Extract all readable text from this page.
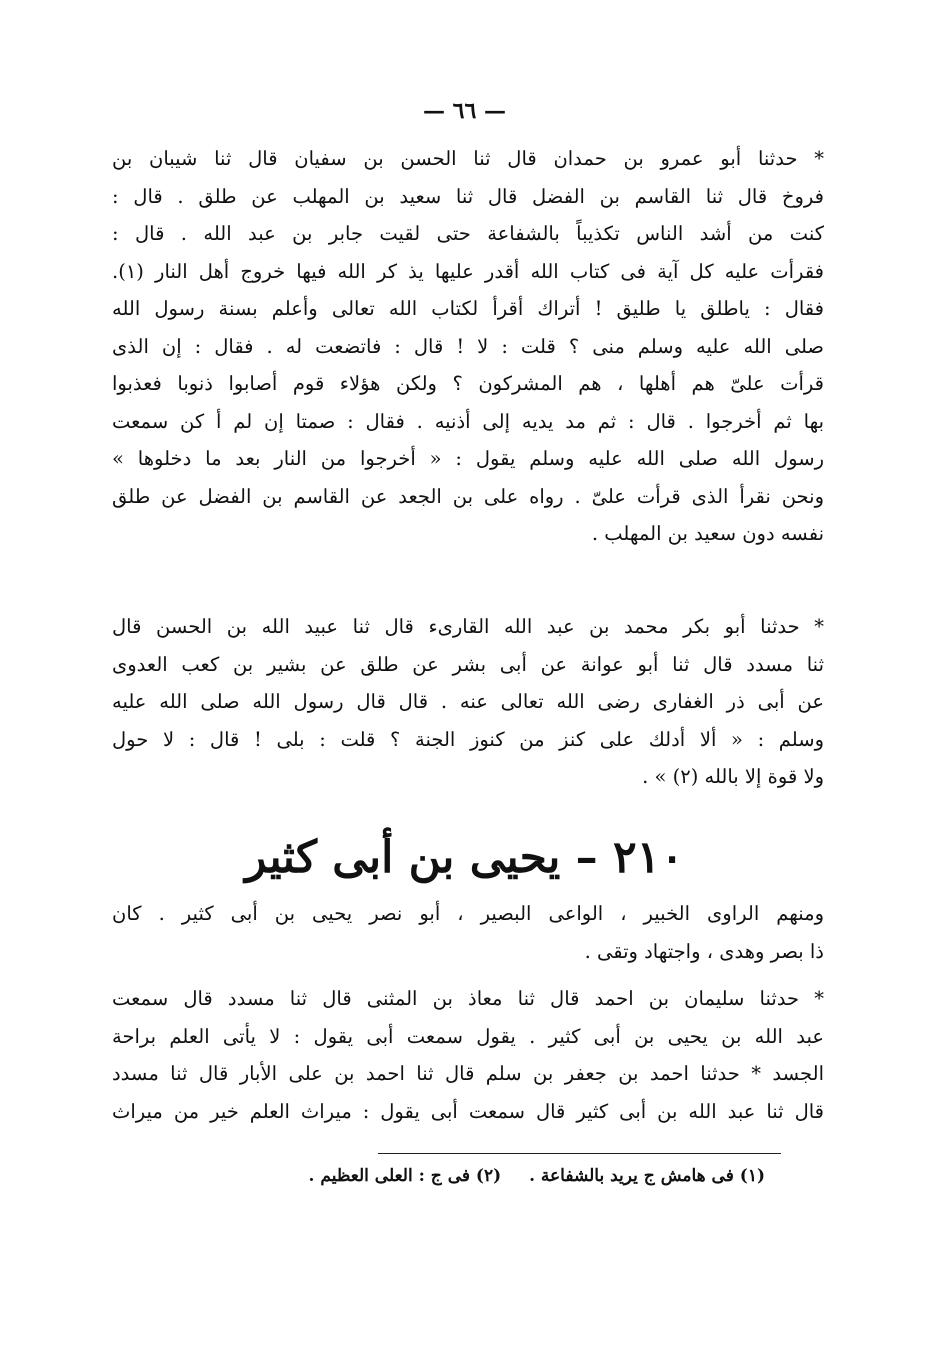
— ٦٦ —
* حدثنا أبو عمرو بن حمدان قال ثنا الحسن بن سفيان قال ثنا شيبان بن
فروخ قال ثنا القاسم بن الفضل قال ثنا سعيد بن المهلب عن طلق . قال :
كنت من أشد الناس تكذيباً بالشفاعة حتى لقيت جابر بن عبد الله . قال :
فقرأت عليه كل آية فى كتاب الله أقدر عليها يذ كر الله فيها خروج أهل النار (١).
فقال : ياطلق يا طليق ! أتراك أقرأ لكتاب الله تعالى وأعلم بسنة رسول الله
صلى الله عليه وسلم منى ؟ قلت : لا ! قال : فاتضعت له . فقال : إن الذى
قرأت علىّ هم أهلها ، هم المشركون ؟ ولكن هؤلاء قوم أصابوا ذنوبا فعذبوا
بها ثم أخرجوا . قال : ثم مد يديه إلى أذنيه . فقال : صمتا إن لم أ كن سمعت
رسول الله صلى الله عليه وسلم يقول : « أخرجوا من النار بعد ما دخلوها »
ونحن نقرأ الذى قرأت علىّ . رواه على بن الجعد عن القاسم بن الفضل عن طلق
نفسه دون سعيد بن المهلب .
* حدثنا أبو بكر محمد بن عبد الله القارىء قال ثنا عبيد الله بن الحسن قال
ثنا مسدد قال ثنا أبو عوانة عن أبى بشر عن طلق عن بشير بن كعب العدوى
عن أبى ذر الغفارى رضى الله تعالى عنه . قال قال رسول الله صلى الله عليه
وسلم : « ألا أدلك على كنز من كنوز الجنة ؟ قلت : بلى ! قال : لا حول
ولا قوة إلا بالله (٢) » .
٢١٠ – يحيى بن أبى كثير
ومنهم الراوى الخبير ، الواعى البصير ، أبو نصر يحيى بن أبى كثير . كان
ذا بصر وهدى ، واجتهاد وتقى .
* حدثنا سليمان بن احمد قال ثنا معاذ بن المثنى قال ثنا مسدد قال سمعت
عبد الله بن يحيى بن أبى كثير . يقول سمعت أبى يقول : لا يأتى العلم براحة
الجسد * حدثنا احمد بن جعفر بن سلم قال ثنا احمد بن على الأبار قال ثنا مسدد
قال ثنا عبد الله بن أبى كثير قال سمعت أبى يقول : ميراث العلم خير من ميراث
(١) فى هامش ج يريد بالشفاعة . (٢) فى ج : العلى العظيم .
